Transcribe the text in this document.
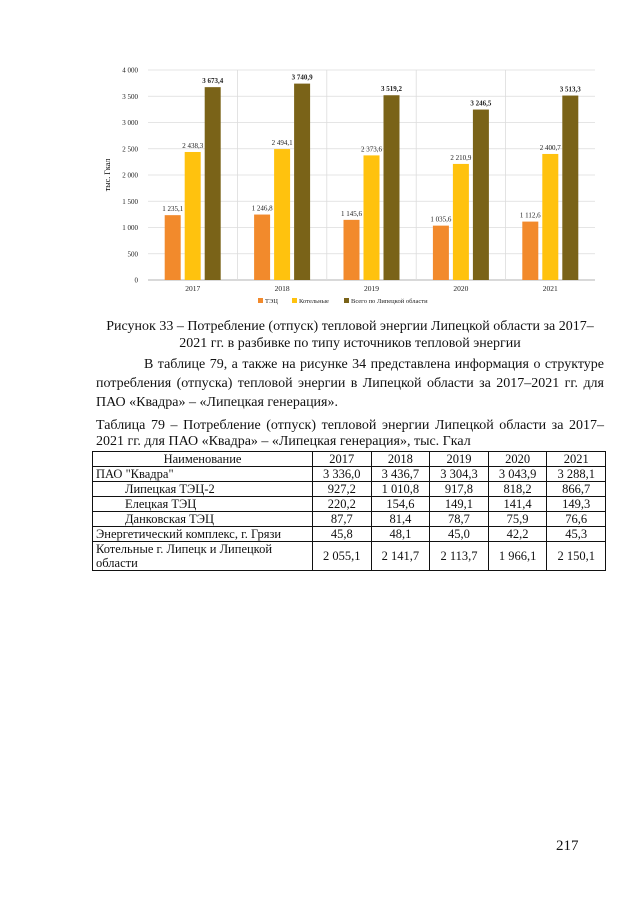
0
500
1 000
1 500
2 000
2 500
3 000
3 500
4 000
тыс. Гкал
1 235,1
2 438,3
3 673,4
1 246,8
2 494,1
3 740,9
1 145,6
2 373,6
3 519,2
1 035,6
2 210,9
3 246,5
1 112,6
2 400,7
3 513,3
2017	2018	2019	2020	2021
ТЭЦ	Котельные	Всего по Липецкой области
Рисунок 33 – Потребление (отпуск) тепловой энергии Липецкой области за 2017–2021 гг. в разбивке по типу источников тепловой энергии
В таблице 79, а также на рисунке 34 представлена информация о структуре потребления (отпуска) тепловой энергии в Липецкой области за 2017–2021 гг. для ПАО «Квадра» – «Липецкая генерация».
Таблица 79 – Потребление (отпуск) тепловой энергии Липецкой области за 2017–2021 гг. для ПАО «Квадра» – «Липецкая генерация», тыс. Гкал
Наименование	2017	2018	2019	2020	2021
ПАО "Квадра"	3 336,0	3 436,7	3 304,3	3 043,9	3 288,1
Липецкая ТЭЦ-2	927,2	1 010,8	917,8	818,2	866,7
Елецкая ТЭЦ	220,2	154,6	149,1	141,4	149,3
Данковская ТЭЦ	87,7	81,4	78,7	75,9	76,6
Энергетический комплекс, г. Грязи	45,8	48,1	45,0	42,2	45,3
Котельные г. Липецк и Липецкой области	2 055,1	2 141,7	2 113,7	1 966,1	2 150,1
217
